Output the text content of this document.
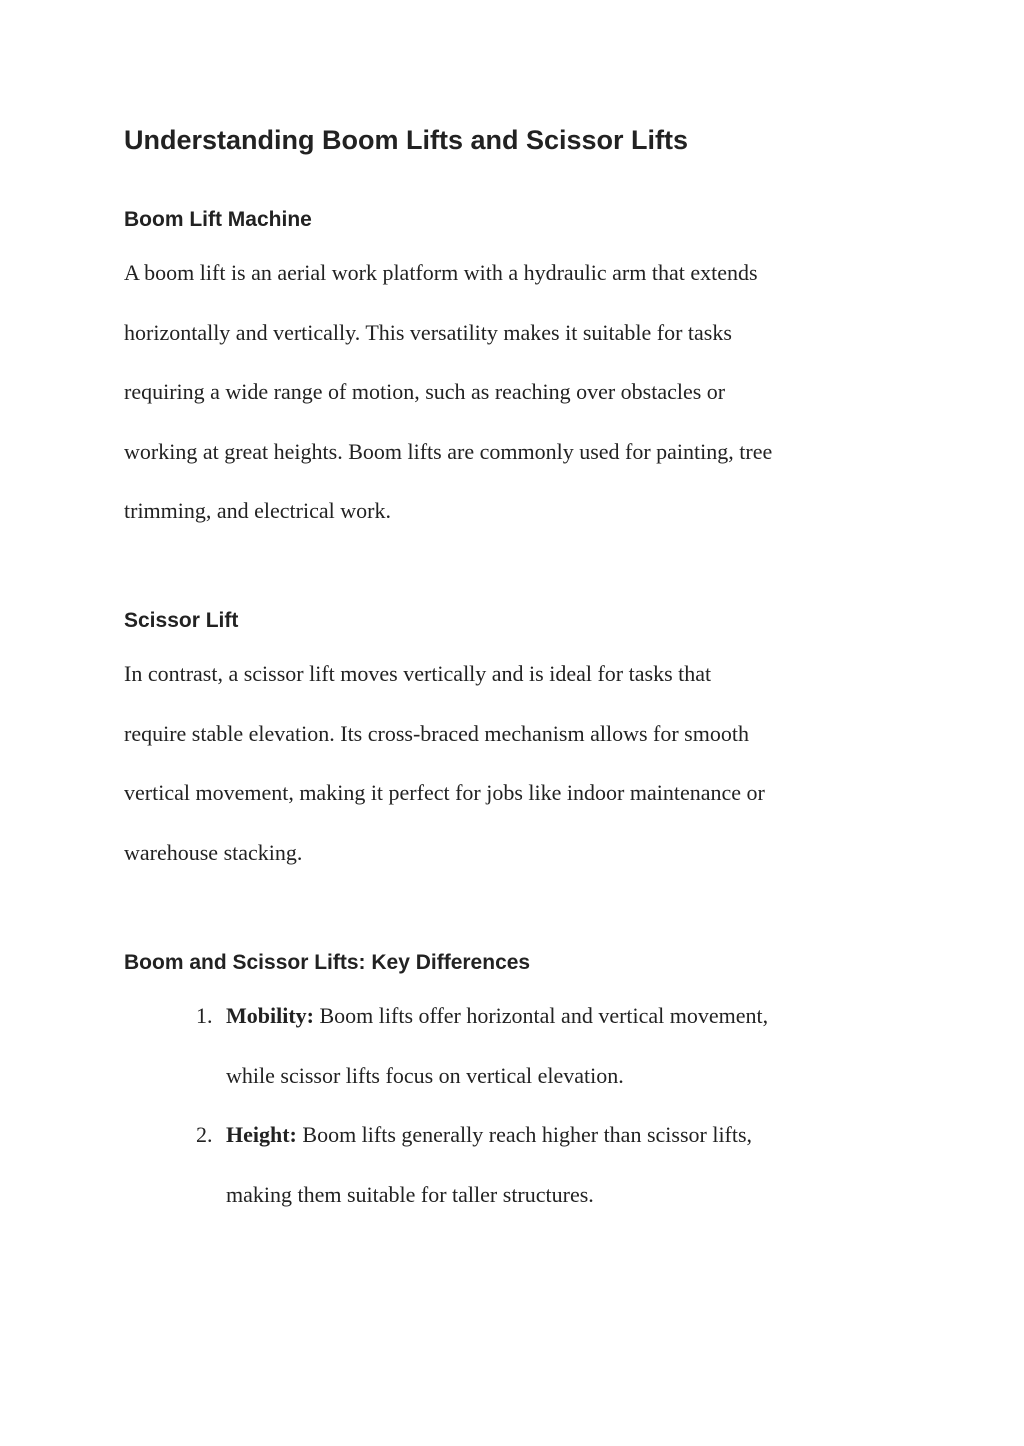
Understanding Boom Lifts and Scissor Lifts
Boom Lift Machine

A boom lift is an aerial work platform with a hydraulic arm that extends

horizontally and vertically. This versatility makes it suitable for tasks

requiring a wide range of motion, such as reaching over obstacles or

working at great heights. Boom lifts are commonly used for painting, tree

trimming, and electrical work.

Scissor Lift

In contrast, a scissor lift moves vertically and is ideal for tasks that

require stable elevation. Its cross-braced mechanism allows for smooth

vertical movement, making it perfect for jobs like indoor maintenance or

warehouse stacking.

Boom and Scissor Lifts: Key Differences
1. Mobility: Boom lifts offer horizontal and vertical movement,

while scissor lifts focus on vertical elevation.

2. Height: Boom lifts generally reach higher than scissor lifts,

making them suitable for taller structures.
